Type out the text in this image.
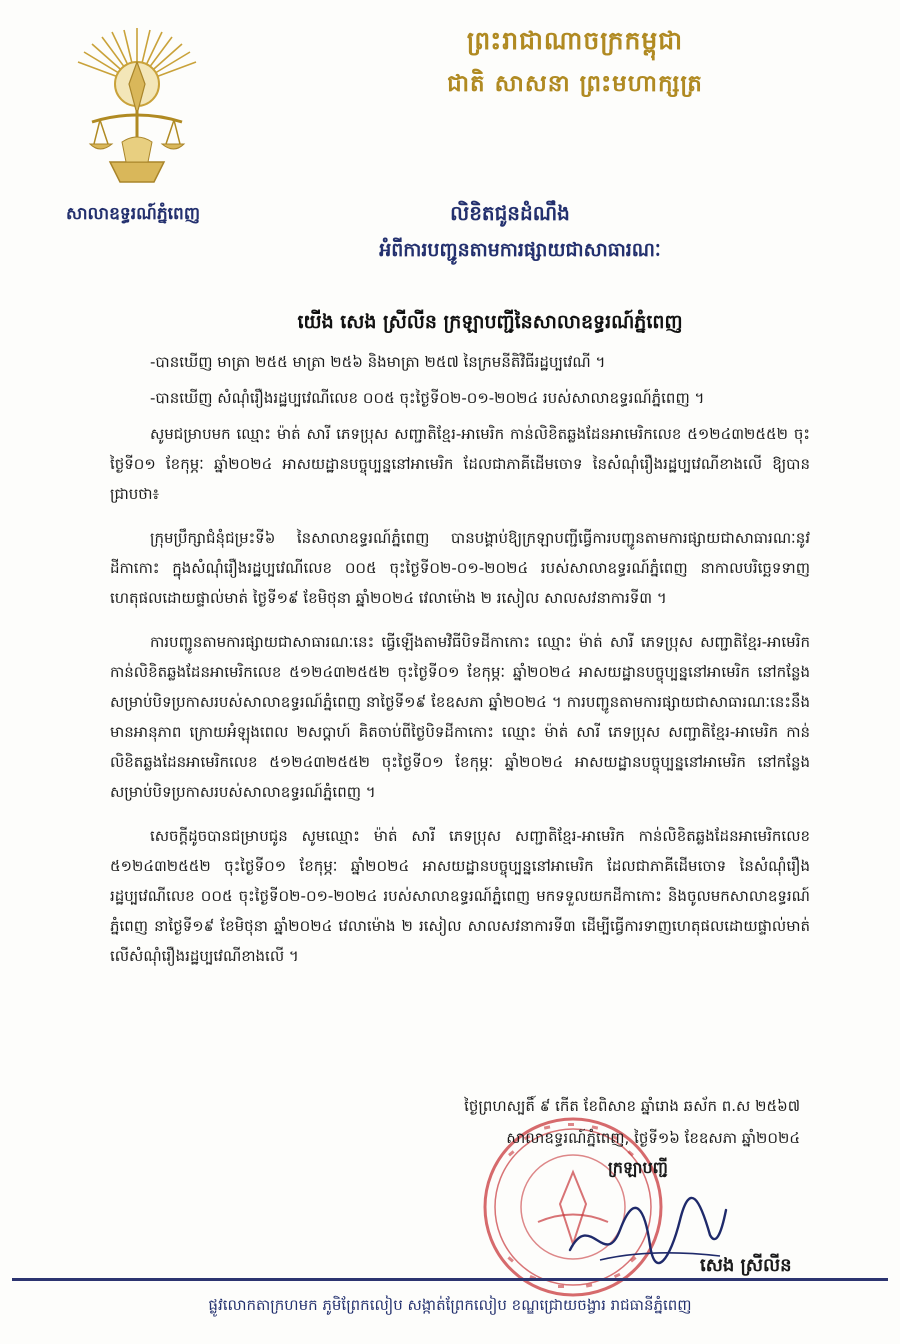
សាលាឧទ្ធរណ៍ភ្នំពេញ
ព្រះរាជាណាចក្រកម្ពុជា
ជាតិ សាសនា ព្រះមហាក្សត្រ
លិខិតជូនដំណឹង
អំពីការបញ្ជូនតាមការផ្សាយជាសាធារណៈ
យើង សេង ស្រីលីន ក្រឡាបញ្ជីនៃសាលាឧទ្ធរណ៍ភ្នំពេញ

-បានឃើញ មាត្រា ២៥៥ មាត្រា ២៥៦ និងមាត្រា ២៥៧ នៃក្រមនីតិវិធីរដ្ឋប្បវេណី ។

-បានឃើញ សំណុំរឿងរដ្ឋប្បវេណីលេខ ០០៥ ចុះថ្ងៃទី០២-០១-២០២៤ របស់សាលាឧទ្ធរណ៍ភ្នំពេញ ។

សូមជម្រាបមក ឈ្មោះ ម៉ាត់ សារី ភេទប្រុស សញ្ជាតិខ្មែរ-អាមេរិក កាន់លិខិតឆ្លងដែនអាមេរិកលេខ ៥១២៤៣២៥៥២ ចុះថ្ងៃទី០១ ខែកុម្ភៈ ឆ្នាំ២០២៤ អាសយដ្ឋានបច្ចុប្បន្ននៅអាមេរិក ដែលជាភាគីដើមចោទ នៃសំណុំរឿងរដ្ឋប្បវេណីខាងលើ ឱ្យបានជ្រាបថា៖

ក្រុមប្រឹក្សាជំនុំជម្រះទី៦ នៃសាលាឧទ្ធរណ៍ភ្នំពេញ បានបង្គាប់ឱ្យក្រឡាបញ្ជីធ្វើការបញ្ជូនតាមការផ្សាយជាសាធារណៈនូវដីកាកោះ ក្នុងសំណុំរឿងរដ្ឋប្បវេណីលេខ ០០៥ ចុះថ្ងៃទី០២-០១-២០២៤ របស់សាលាឧទ្ធរណ៍ភ្នំពេញ នាកាលបរិច្ឆេទទាញហេតុផលដោយផ្ទាល់មាត់ ថ្ងៃទី១៩ ខែមិថុនា ឆ្នាំ២០២៤ វេលាម៉ោង ២ រសៀល សាលសវនាការទី៣ ។

ការបញ្ជូនតាមការផ្សាយជាសាធារណៈនេះ ធ្វើឡើងតាមវិធីបិទដីកាកោះ ឈ្មោះ ម៉ាត់ សារី ភេទប្រុស សញ្ជាតិខ្មែរ-អាមេរិក កាន់លិខិតឆ្លងដែនអាមេរិកលេខ ៥១២៤៣២៥៥២ ចុះថ្ងៃទី០១ ខែកុម្ភៈ ឆ្នាំ២០២៤ អាសយដ្ឋានបច្ចុប្បន្ននៅអាមេរិក នៅកន្លែងសម្រាប់បិទប្រកាសរបស់សាលាឧទ្ធរណ៍ភ្នំពេញ នាថ្ងៃទី១៩ ខែឧសភា ឆ្នាំ២០២៤ ។ ការបញ្ជូនតាមការផ្សាយជាសាធារណៈនេះនឹងមានអានុភាព ក្រោយអំឡុងពេល ២សប្តាហ៍ គិតចាប់ពីថ្ងៃបិទដីកាកោះ ឈ្មោះ ម៉ាត់ សារី ភេទប្រុស សញ្ជាតិខ្មែរ-អាមេរិក កាន់លិខិតឆ្លងដែនអាមេរិកលេខ ៥១២៤៣២៥៥២ ចុះថ្ងៃទី០១ ខែកុម្ភៈ ឆ្នាំ២០២៤ អាសយដ្ឋានបច្ចុប្បន្ននៅអាមេរិក នៅកន្លែងសម្រាប់បិទប្រកាសរបស់សាលាឧទ្ធរណ៍ភ្នំពេញ ។

សេចក្តីដូចបានជម្រាបជូន សូមឈ្មោះ ម៉ាត់ សារី ភេទប្រុស សញ្ជាតិខ្មែរ-អាមេរិក កាន់លិខិតឆ្លងដែនអាមេរិកលេខ ៥១២៤៣២៥៥២ ចុះថ្ងៃទី០១ ខែកុម្ភៈ ឆ្នាំ២០២៤ អាសយដ្ឋានបច្ចុប្បន្ននៅអាមេរិក ដែលជាភាគីដើមចោទ នៃសំណុំរឿងរដ្ឋប្បវេណីលេខ ០០៥ ចុះថ្ងៃទី០២-០១-២០២៤ របស់សាលាឧទ្ធរណ៍ភ្នំពេញ មកទទួលយកដីកាកោះ និងចូលមកសាលាឧទ្ធរណ៍ភ្នំពេញ នាថ្ងៃទី១៩ ខែមិថុនា ឆ្នាំ២០២៤ វេលាម៉ោង ២ រសៀល សាលសវនាការទី៣ ដើម្បីធ្វើការទាញហេតុផលដោយផ្ទាល់មាត់ លើសំណុំរឿងរដ្ឋប្បវេណីខាងលើ ។

ថ្ងៃព្រហស្បតិ៍ ៩ កើត ខែពិសាខ ឆ្នាំរោង ឆស័ក ព.ស ២៥៦៧
សាលាឧទ្ធរណ៍ភ្នំពេញ, ថ្ងៃទី១៦ ខែឧសភា ឆ្នាំ២០២៤
ក្រឡាបញ្ជី
សេង ស្រីលីន
ផ្លូវលោកតាក្រហមក ភូមិព្រែកលៀប សង្កាត់ព្រែកលៀប ខណ្ឌជ្រោយចង្វារ រាជធានីភ្នំពេញ
